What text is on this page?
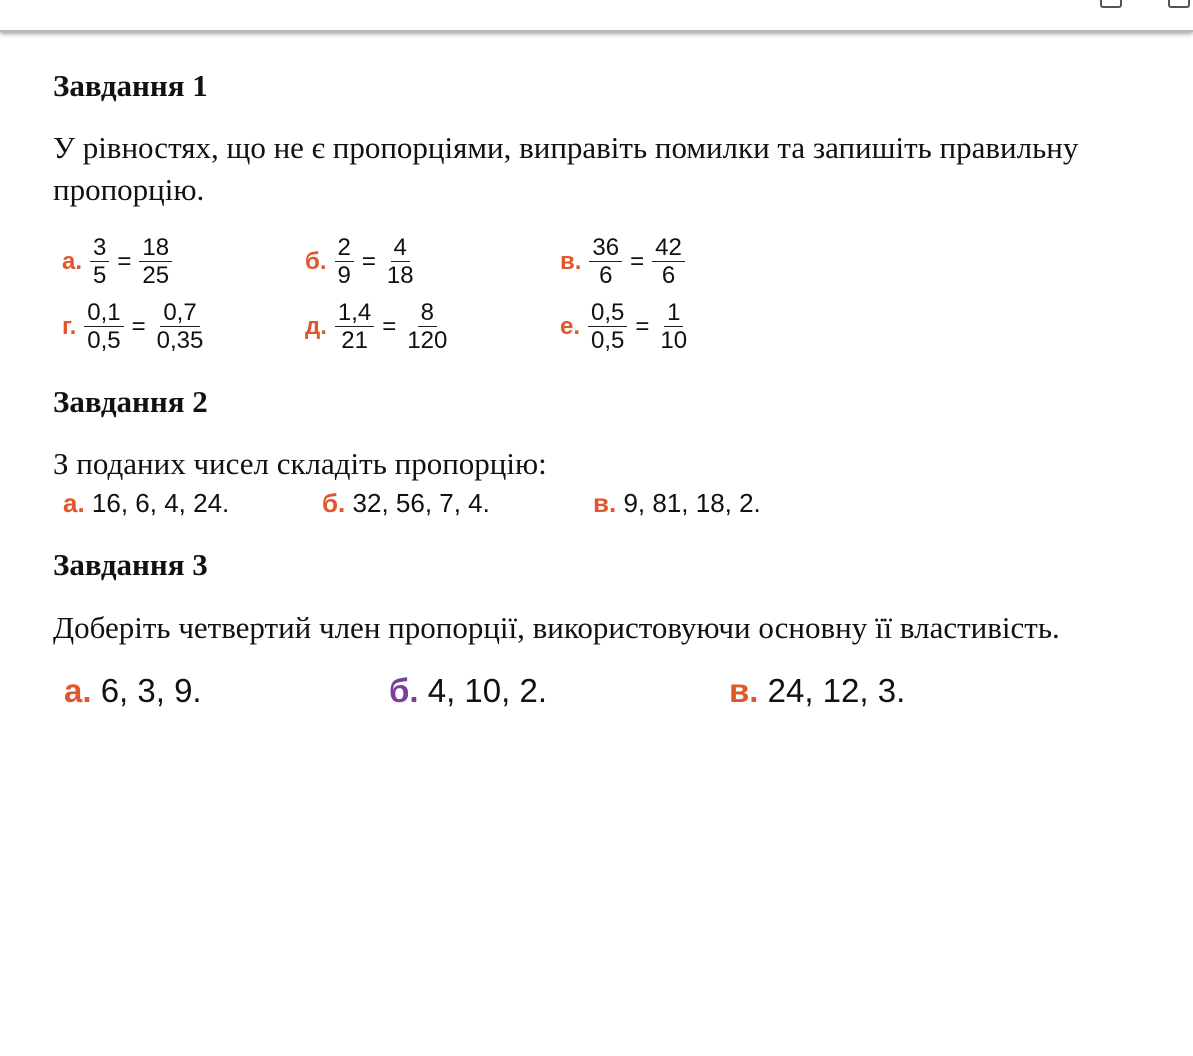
Завдання 1
У рівностях, що не є пропорціями, виправіть помилки та запишіть правильну пропорцію.
а. $\frac{3}{5} = \frac{18}{25}$	б. $\frac{2}{9} = \frac{4}{18}$	в. $\frac{36}{6} = \frac{42}{6}$
г. $\frac{0,1}{0,5} = \frac{0,7}{0,35}$	д. $\frac{1,4}{21} = \frac{8}{120}$	е. $\frac{0,5}{0,5} = \frac{1}{10}$
Завдання 2
З поданих чисел складіть пропорцію:
а. 16, 6, 4, 24.	б. 32, 56, 7, 4.	в. 9, 81, 18, 2.
Завдання 3
Доберіть четвертий член пропорції, використовуючи основну її властивість.
а. 6, 3, 9.	б. 4, 10, 2.	в. 24, 12, 3.
